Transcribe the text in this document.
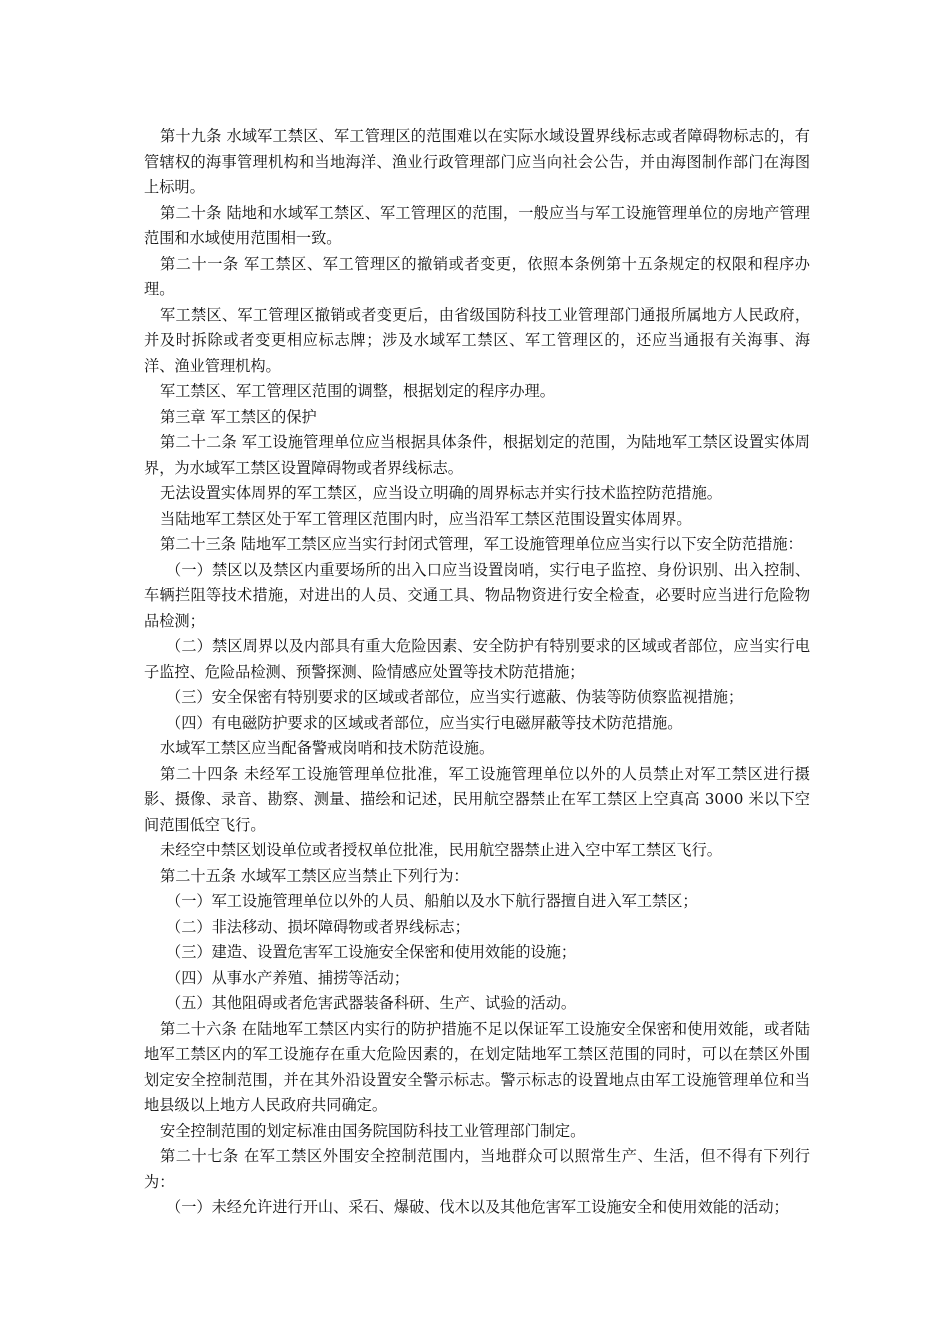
第十九条 水域军工禁区、军工管理区的范围难以在实际水域设置界线标志或者障碍物标志的，有管辖权的海事管理机构和当地海洋、渔业行政管理部门应当向社会公告，并由海图制作部门在海图上标明。

第二十条 陆地和水域军工禁区、军工管理区的范围，一般应当与军工设施管理单位的房地产管理范围和水域使用范围相一致。

第二十一条 军工禁区、军工管理区的撤销或者变更，依照本条例第十五条规定的权限和程序办理。

军工禁区、军工管理区撤销或者变更后，由省级国防科技工业管理部门通报所属地方人民政府，并及时拆除或者变更相应标志牌；涉及水域军工禁区、军工管理区的，还应当通报有关海事、海洋、渔业管理机构。

军工禁区、军工管理区范围的调整，根据划定的程序办理。

第三章 军工禁区的保护

第二十二条 军工设施管理单位应当根据具体条件，根据划定的范围，为陆地军工禁区设置实体周界，为水域军工禁区设置障碍物或者界线标志。

无法设置实体周界的军工禁区，应当设立明确的周界标志并实行技术监控防范措施。

当陆地军工禁区处于军工管理区范围内时，应当沿军工禁区范围设置实体周界。

第二十三条 陆地军工禁区应当实行封闭式管理，军工设施管理单位应当实行以下安全防范措施：

（一）禁区以及禁区内重要场所的出入口应当设置岗哨，实行电子监控、身份识别、出入控制、车辆拦阻等技术措施，对进出的人员、交通工具、物品物资进行安全检查，必要时应当进行危险物品检测；

（二）禁区周界以及内部具有重大危险因素、安全防护有特别要求的区域或者部位，应当实行电子监控、危险品检测、预警探测、险情感应处置等技术防范措施；

（三）安全保密有特别要求的区域或者部位，应当实行遮蔽、伪装等防侦察监视措施；

（四）有电磁防护要求的区域或者部位，应当实行电磁屏蔽等技术防范措施。

水域军工禁区应当配备警戒岗哨和技术防范设施。

第二十四条 未经军工设施管理单位批准，军工设施管理单位以外的人员禁止对军工禁区进行摄影、摄像、录音、勘察、测量、描绘和记述，民用航空器禁止在军工禁区上空真高 3000 米以下空间范围低空飞行。

未经空中禁区划设单位或者授权单位批准，民用航空器禁止进入空中军工禁区飞行。

第二十五条 水域军工禁区应当禁止下列行为：

（一）军工设施管理单位以外的人员、船舶以及水下航行器擅自进入军工禁区；

（二）非法移动、损坏障碍物或者界线标志；

（三）建造、设置危害军工设施安全保密和使用效能的设施；

（四）从事水产养殖、捕捞等活动；

（五）其他阻碍或者危害武器装备科研、生产、试验的活动。

第二十六条 在陆地军工禁区内实行的防护措施不足以保证军工设施安全保密和使用效能，或者陆地军工禁区内的军工设施存在重大危险因素的，在划定陆地军工禁区范围的同时，可以在禁区外围划定安全控制范围，并在其外沿设置安全警示标志。警示标志的设置地点由军工设施管理单位和当地县级以上地方人民政府共同确定。

安全控制范围的划定标准由国务院国防科技工业管理部门制定。

第二十七条 在军工禁区外围安全控制范围内，当地群众可以照常生产、生活，但不得有下列行为：

（一）未经允许进行开山、采石、爆破、伐木以及其他危害军工设施安全和使用效能的活动；
